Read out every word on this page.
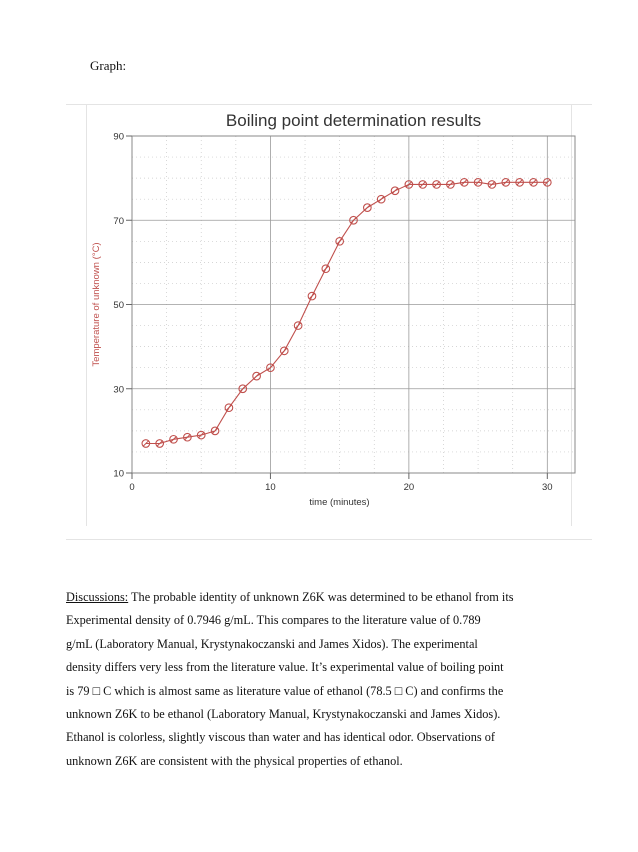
Graph:
Boiling point determination results
10
30
50
70
90
0	10	20	30
time (minutes)
Temperature of unknown (°C)
Discussions: The probable identity of unknown Z6K was determined to be ethanol from its
Experimental density of 0.7946 g/mL. This compares to the literature value of 0.789
g/mL (Laboratory Manual, Krystynakoczanski and James Xidos). The experimental
density differs very less from the literature value. It’s experimental value of boiling point
is 79 □ C which is almost same as literature value of ethanol (78.5 □ C) and confirms the
unknown Z6K to be ethanol (Laboratory Manual, Krystynakoczanski and James Xidos).
Ethanol is colorless, slightly viscous than water and has identical odor. Observations of
unknown Z6K are consistent with the physical properties of ethanol.
